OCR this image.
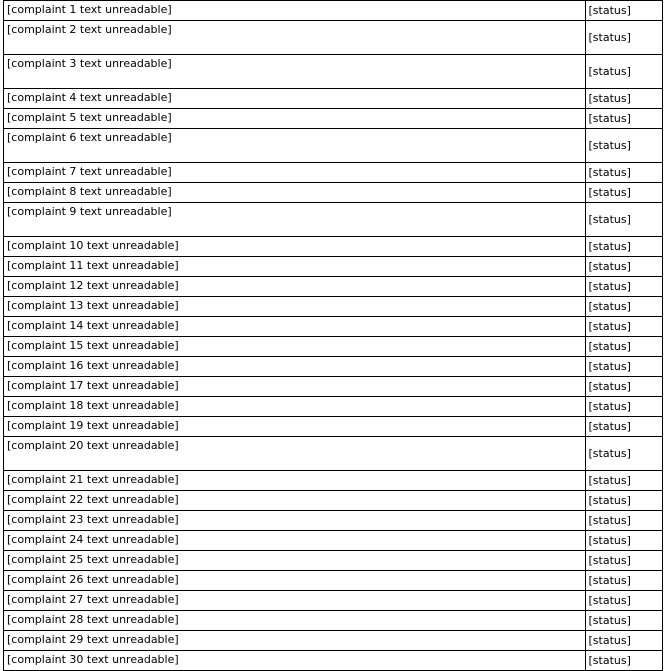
[complaint 1 text unreadable]	[status]
[complaint 2 text unreadable]	[status]
[complaint 3 text unreadable]	[status]
[complaint 4 text unreadable]	[status]
[complaint 5 text unreadable]	[status]
[complaint 6 text unreadable]	[status]
[complaint 7 text unreadable]	[status]
[complaint 8 text unreadable]	[status]
[complaint 9 text unreadable]	[status]
[complaint 10 text unreadable]	[status]
[complaint 11 text unreadable]	[status]
[complaint 12 text unreadable]	[status]
[complaint 13 text unreadable]	[status]
[complaint 14 text unreadable]	[status]
[complaint 15 text unreadable]	[status]
[complaint 16 text unreadable]	[status]
[complaint 17 text unreadable]	[status]
[complaint 18 text unreadable]	[status]
[complaint 19 text unreadable]	[status]
[complaint 20 text unreadable]	[status]
[complaint 21 text unreadable]	[status]
[complaint 22 text unreadable]	[status]
[complaint 23 text unreadable]	[status]
[complaint 24 text unreadable]	[status]
[complaint 25 text unreadable]	[status]
[complaint 26 text unreadable]	[status]
[complaint 27 text unreadable]	[status]
[complaint 28 text unreadable]	[status]
[complaint 29 text unreadable]	[status]
[complaint 30 text unreadable]	[status]
